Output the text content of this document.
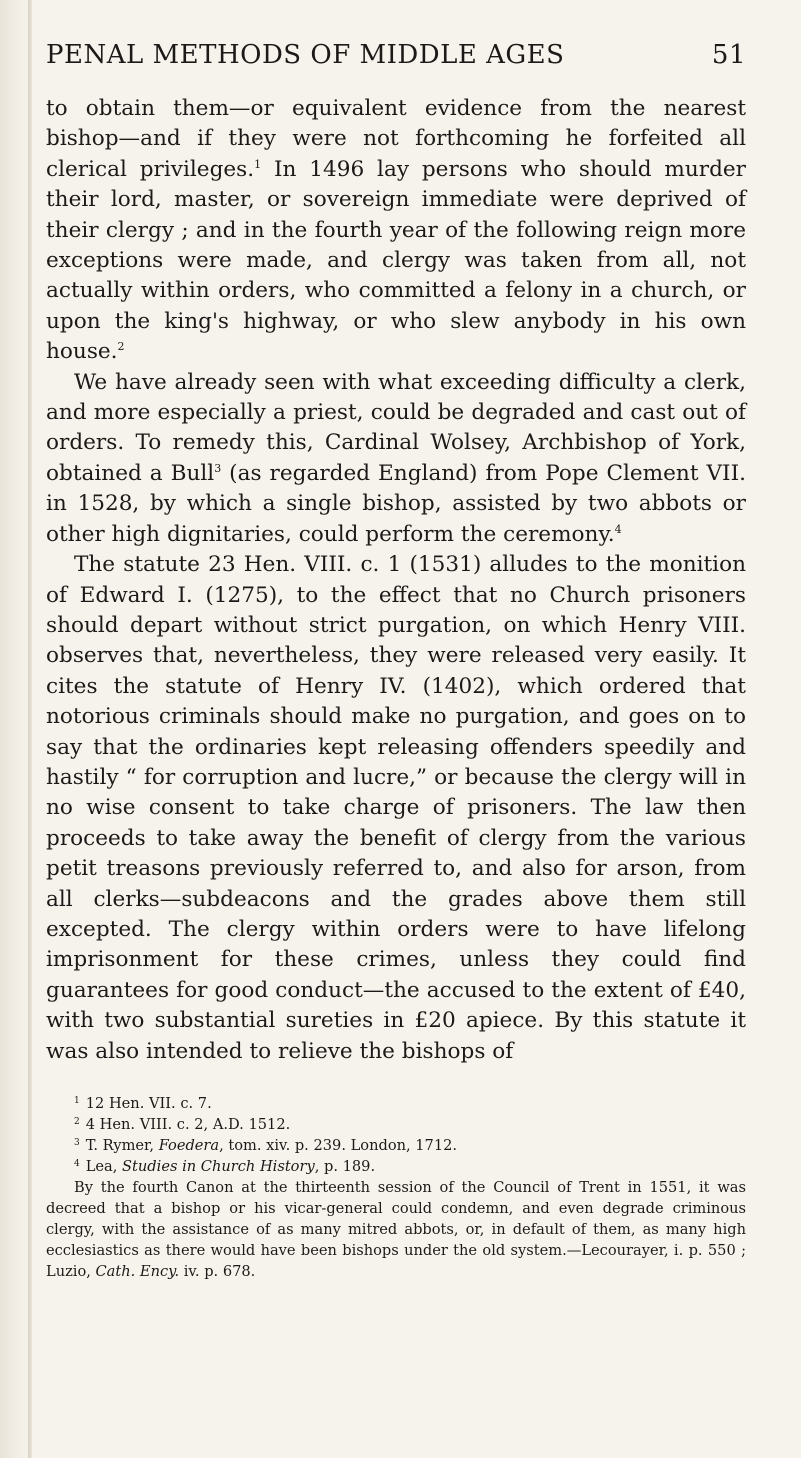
PENAL METHODS OF MIDDLE AGES	51

to obtain them—or equivalent evidence from the nearest bishop—and if they were not forthcoming he forfeited all clerical privileges.$^1$ In 1496 lay persons who should murder their lord, master, or sovereign immediate were deprived of their clergy ; and in the fourth year of the following reign more exceptions were made, and clergy was taken from all, not actually within orders, who committed a felony in a church, or upon the king's highway, or who slew anybody in his own house.$^2$

We have already seen with what exceeding difficulty a clerk, and more especially a priest, could be degraded and cast out of orders. To remedy this, Cardinal Wolsey, Archbishop of York, obtained a Bull$^3$ (as regarded England) from Pope Clement VII. in 1528, by which a single bishop, assisted by two abbots or other high dignitaries, could perform the ceremony.$^4$

The statute 23 Hen. VIII. c. 1 (1531) alludes to the monition of Edward I. (1275), to the effect that no Church prisoners should depart without strict purgation, on which Henry VIII. observes that, nevertheless, they were released very easily. It cites the statute of Henry IV. (1402), which ordered that notorious criminals should make no purgation, and goes on to say that the ordinaries kept releasing offenders speedily and hastily “ for corruption and lucre,” or because the clergy will in no wise consent to take charge of prisoners. The law then proceeds to take away the benefit of clergy from the various petit treasons previously referred to, and also for arson, from all clerks—subdeacons and the grades above them still excepted. The clergy within orders were to have lifelong imprisonment for these crimes, unless they could find guarantees for good conduct—the accused to the extent of £40, with two substantial sureties in £20 apiece. By this statute it was also intended to relieve the bishops of

$^1$ 12 Hen. VII. c. 7.
$^2$ 4 Hen. VIII. c. 2, A.D. 1512.
$^3$ T. Rymer, Foedera, tom. xiv. p. 239. London, 1712.
$^4$ Lea, Studies in Church History, p. 189.

By the fourth Canon at the thirteenth session of the Council of Trent in 1551, it was decreed that a bishop or his vicar-general could condemn, and even degrade criminous clergy, with the assistance of as many mitred abbots, or, in default of them, as many high ecclesiastics as there would have been bishops under the old system.—Lecourayer, i. p. 550 ; Luzio, Cath. Ency. iv. p. 678.
